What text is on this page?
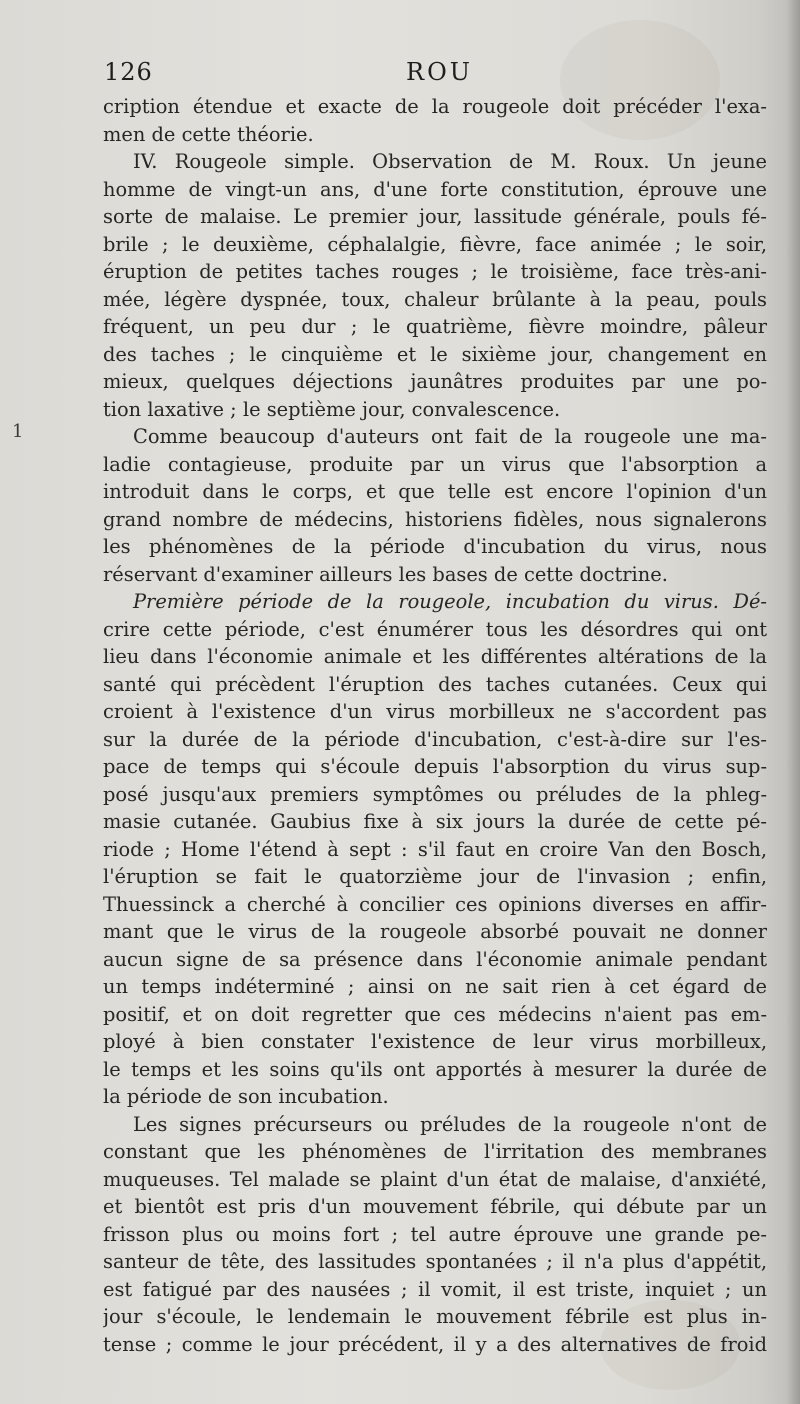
126	ROU
1
cription étendue et exacte de la rougeole doit précéder l'exa-
men de cette théorie.
IV. Rougeole simple. Observation de M. Roux. Un jeune
homme de vingt-un ans, d'une forte constitution, éprouve une
sorte de malaise. Le premier jour, lassitude générale, pouls fé-
brile ; le deuxième, céphalalgie, fièvre, face animée ; le soir,
éruption de petites taches rouges ; le troisième, face très-ani-
mée, légère dyspnée, toux, chaleur brûlante à la peau, pouls
fréquent, un peu dur ; le quatrième, fièvre moindre, pâleur
des taches ; le cinquième et le sixième jour, changement en
mieux, quelques déjections jaunâtres produites par une po-
tion laxative ; le septième jour, convalescence.
Comme beaucoup d'auteurs ont fait de la rougeole une ma-
ladie contagieuse, produite par un virus que l'absorption a
introduit dans le corps, et que telle est encore l'opinion d'un
grand nombre de médecins, historiens fidèles, nous signalerons
les phénomènes de la période d'incubation du virus, nous
réservant d'examiner ailleurs les bases de cette doctrine.
Première période de la rougeole, incubation du virus. Dé-
crire cette période, c'est énumérer tous les désordres qui ont
lieu dans l'économie animale et les différentes altérations de la
santé qui précèdent l'éruption des taches cutanées. Ceux qui
croient à l'existence d'un virus morbilleux ne s'accordent pas
sur la durée de la période d'incubation, c'est-à-dire sur l'es-
pace de temps qui s'écoule depuis l'absorption du virus sup-
posé jusqu'aux premiers symptômes ou préludes de la phleg-
masie cutanée. Gaubius fixe à six jours la durée de cette pé-
riode ; Home l'étend à sept : s'il faut en croire Van den Bosch,
l'éruption se fait le quatorzième jour de l'invasion ; enfin,
Thuessinck a cherché à concilier ces opinions diverses en affir-
mant que le virus de la rougeole absorbé pouvait ne donner
aucun signe de sa présence dans l'économie animale pendant
un temps indéterminé ; ainsi on ne sait rien à cet égard de
positif, et on doit regretter que ces médecins n'aient pas em-
ployé à bien constater l'existence de leur virus morbilleux,
le temps et les soins qu'ils ont apportés à mesurer la durée de
la période de son incubation.
Les signes précurseurs ou préludes de la rougeole n'ont de
constant que les phénomènes de l'irritation des membranes
muqueuses. Tel malade se plaint d'un état de malaise, d'anxiété,
et bientôt est pris d'un mouvement fébrile, qui débute par un
frisson plus ou moins fort ; tel autre éprouve une grande pe-
santeur de tête, des lassitudes spontanées ; il n'a plus d'appétit,
est fatigué par des nausées ; il vomit, il est triste, inquiet ; un
jour s'écoule, le lendemain le mouvement fébrile est plus in-
tense ; comme le jour précédent, il y a des alternatives de froid
